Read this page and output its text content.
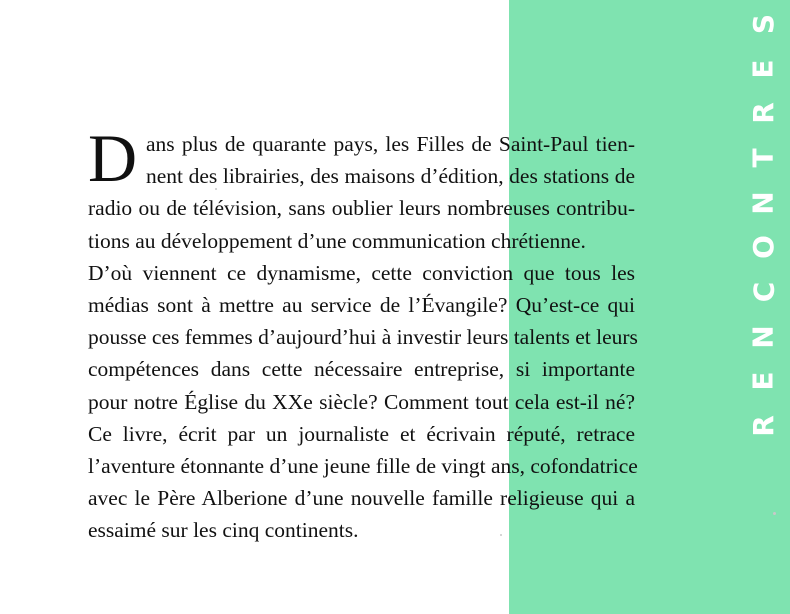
S
E
R
T
N
O
C
N
E
R
D ans plus de quarante pays, les Filles de Saint-Paul tien-
nent des librairies, des maisons d’édition, des stations de
radio ou de télévision, sans oublier leurs nombreuses contribu-
tions au développement d’une communication chrétienne.
D’où viennent ce dynamisme, cette conviction que tous les
médias sont à mettre au service de l’Évangile? Qu’est-ce qui
pousse ces femmes d’aujourd’hui à investir leurs talents et leurs
compétences dans cette nécessaire entreprise, si importante
pour notre Église du XXe siècle? Comment tout cela est-il né?
Ce livre, écrit par un journaliste et écrivain réputé, retrace
l’aventure étonnante d’une jeune fille de vingt ans, cofondatrice
avec le Père Alberione d’une nouvelle famille religieuse qui a
essaimé sur les cinq continents.
